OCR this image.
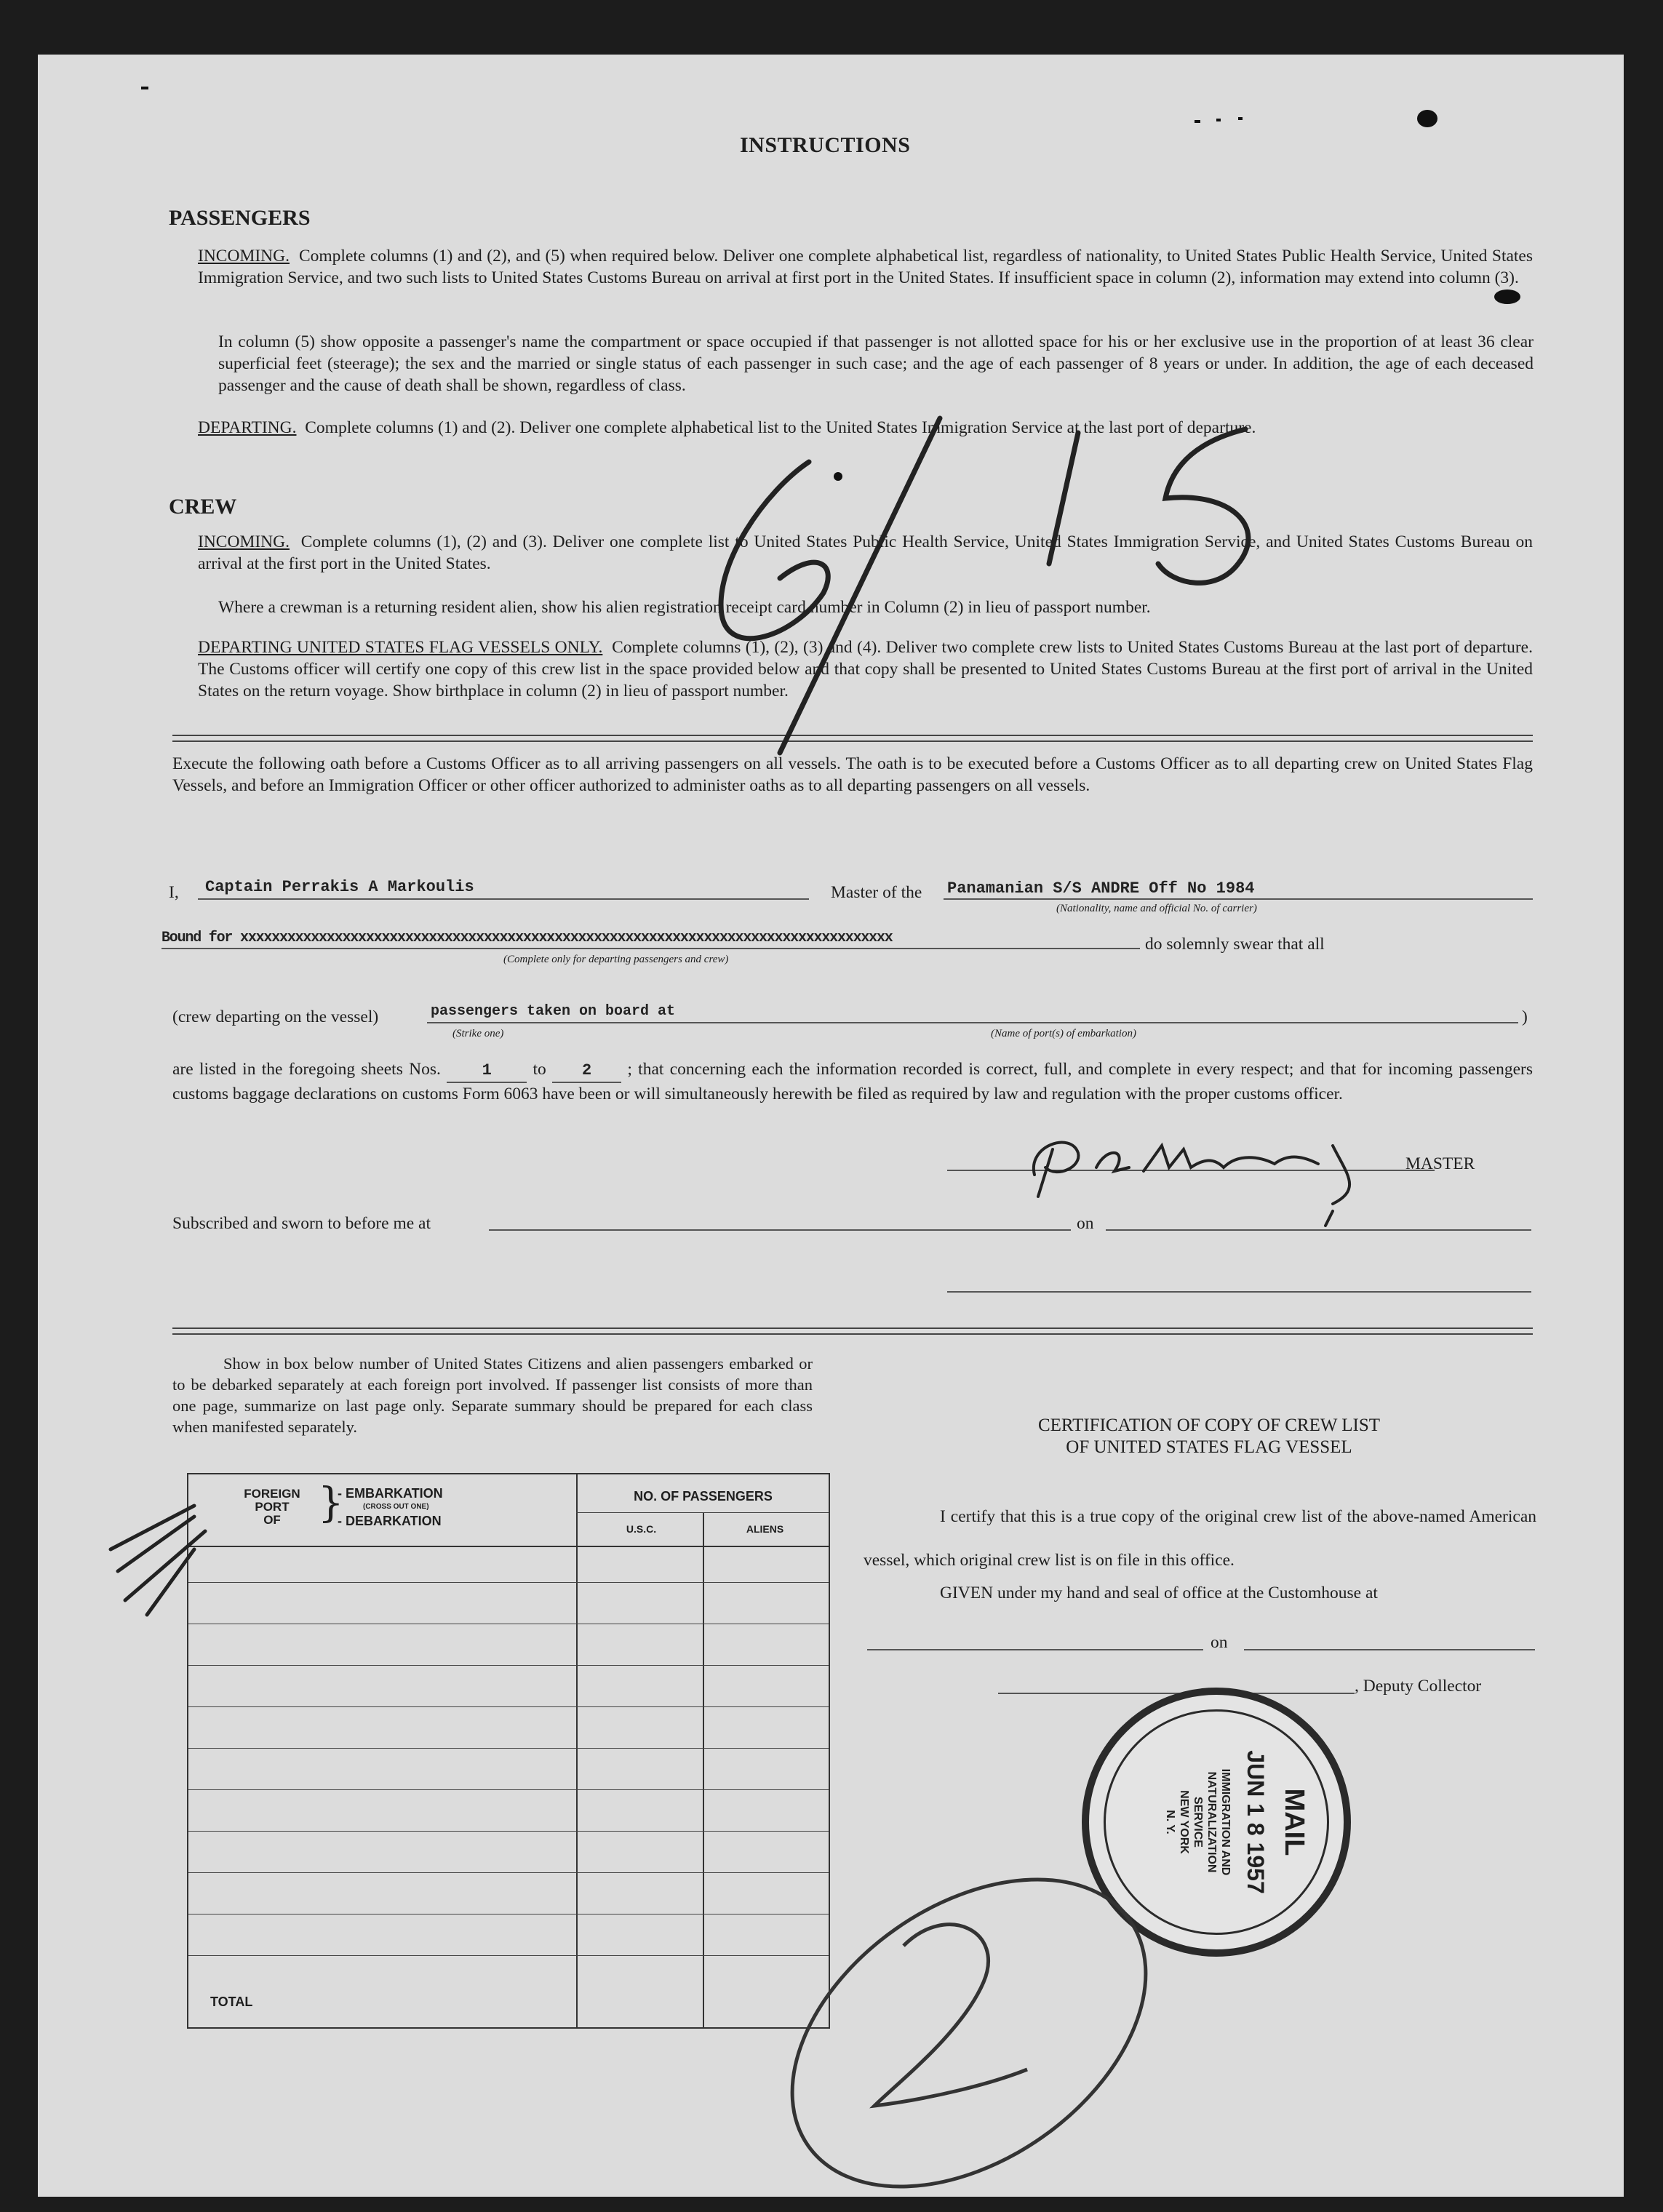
INSTRUCTIONS
PASSENGERS
INCOMING. Complete columns (1) and (2), and (5) when required below. Deliver one complete alphabetical list, regardless of nationality, to United States Public Health Service, United States Immigration Service, and two such lists to United States Customs Bureau on arrival at first port in the United States. If insufficient space in column (2), information may extend into column (3).
In column (5) show opposite a passenger's name the compartment or space occupied if that passenger is not allotted space for his or her exclusive use in the proportion of at least 36 clear superficial feet (steerage); the sex and the married or single status of each passenger in such case; and the age of each passenger of 8 years or under. In addition, the age of each deceased passenger and the cause of death shall be shown, regardless of class.
DEPARTING. Complete columns (1) and (2). Deliver one complete alphabetical list to the United States Immigration Service at the last port of departure.
CREW
INCOMING. Complete columns (1), (2) and (3). Deliver one complete list to United States Public Health Service, United States Immigration Service, and United States Customs Bureau on arrival at the first port in the United States.
Where a crewman is a returning resident alien, show his alien registration receipt card number in Column (2) in lieu of passport number.
DEPARTING UNITED STATES FLAG VESSELS ONLY. Complete columns (1), (2), (3) and (4). Deliver two complete crew lists to United States Customs Bureau at the last port of departure. The Customs officer will certify one copy of this crew list in the space provided below and that copy shall be presented to United States Customs Bureau at the first port of arrival in the United States on the return voyage. Show birthplace in column (2) in lieu of passport number.
Execute the following oath before a Customs Officer as to all arriving passengers on all vessels. The oath is to be executed before a Customs Officer as to all departing crew on United States Flag Vessels, and before an Immigration Officer or other officer authorized to administer oaths as to all departing passengers on all vessels.
I, Captain Perrakis A Markoulis	Master of the Panamanian S/S ANDRE Off No 1984
(Nationality, name and official No. of carrier)
Bound for xxxxxxxxxxxxxxxxxxxxxxxxxxxxxxxxxxxxxxxxxxxxxxxxxxxxxxxxxxxxxxxxxxxxxxxxxxxxxxxxxxx
(Complete only for departing passengers and crew)
do solemnly swear that all
(crew departing on the vessel)	passengers taken on board at
(Strike one)	(Name of port(s) of embarkation)
)
are listed in the foregoing sheets Nos.	1 to 2 ; that concerning each the information recorded is correct, full, and complete in every respect; and that for incoming passengers customs baggage declarations on customs Form 6063 have been or will simultaneously herewith be filed as required by law and regulation with the proper customs officer.
MASTER
Subscribed and sworn to before me at	on
Show in box below number of United States Citizens and alien passengers embarked or to be debarked separately at each foreign port involved. If passenger list consists of more than one page, summarize on last page only. Separate summary should be prepared for each class when manifested separately.
FOREIGN
PORT
OF }
- EMBARKATION
(CROSS OUT ONE)
- DEBARKATION
NO. OF PASSENGERS
U.S.C.	ALIENS
TOTAL
CERTIFICATION OF COPY OF CREW LIST
OF UNITED STATES FLAG VESSEL
I certify that this is a true copy of the original crew list of the above-named American vessel, which original crew list is on file in this office.
GIVEN under my hand and seal of office at the Customhouse at
on
, Deputy Collector
MAIL
JUN 1 8 1957
IMMIGRATION AND
NATURALIZATION
SERVICE
NEW YORK
N. Y.
